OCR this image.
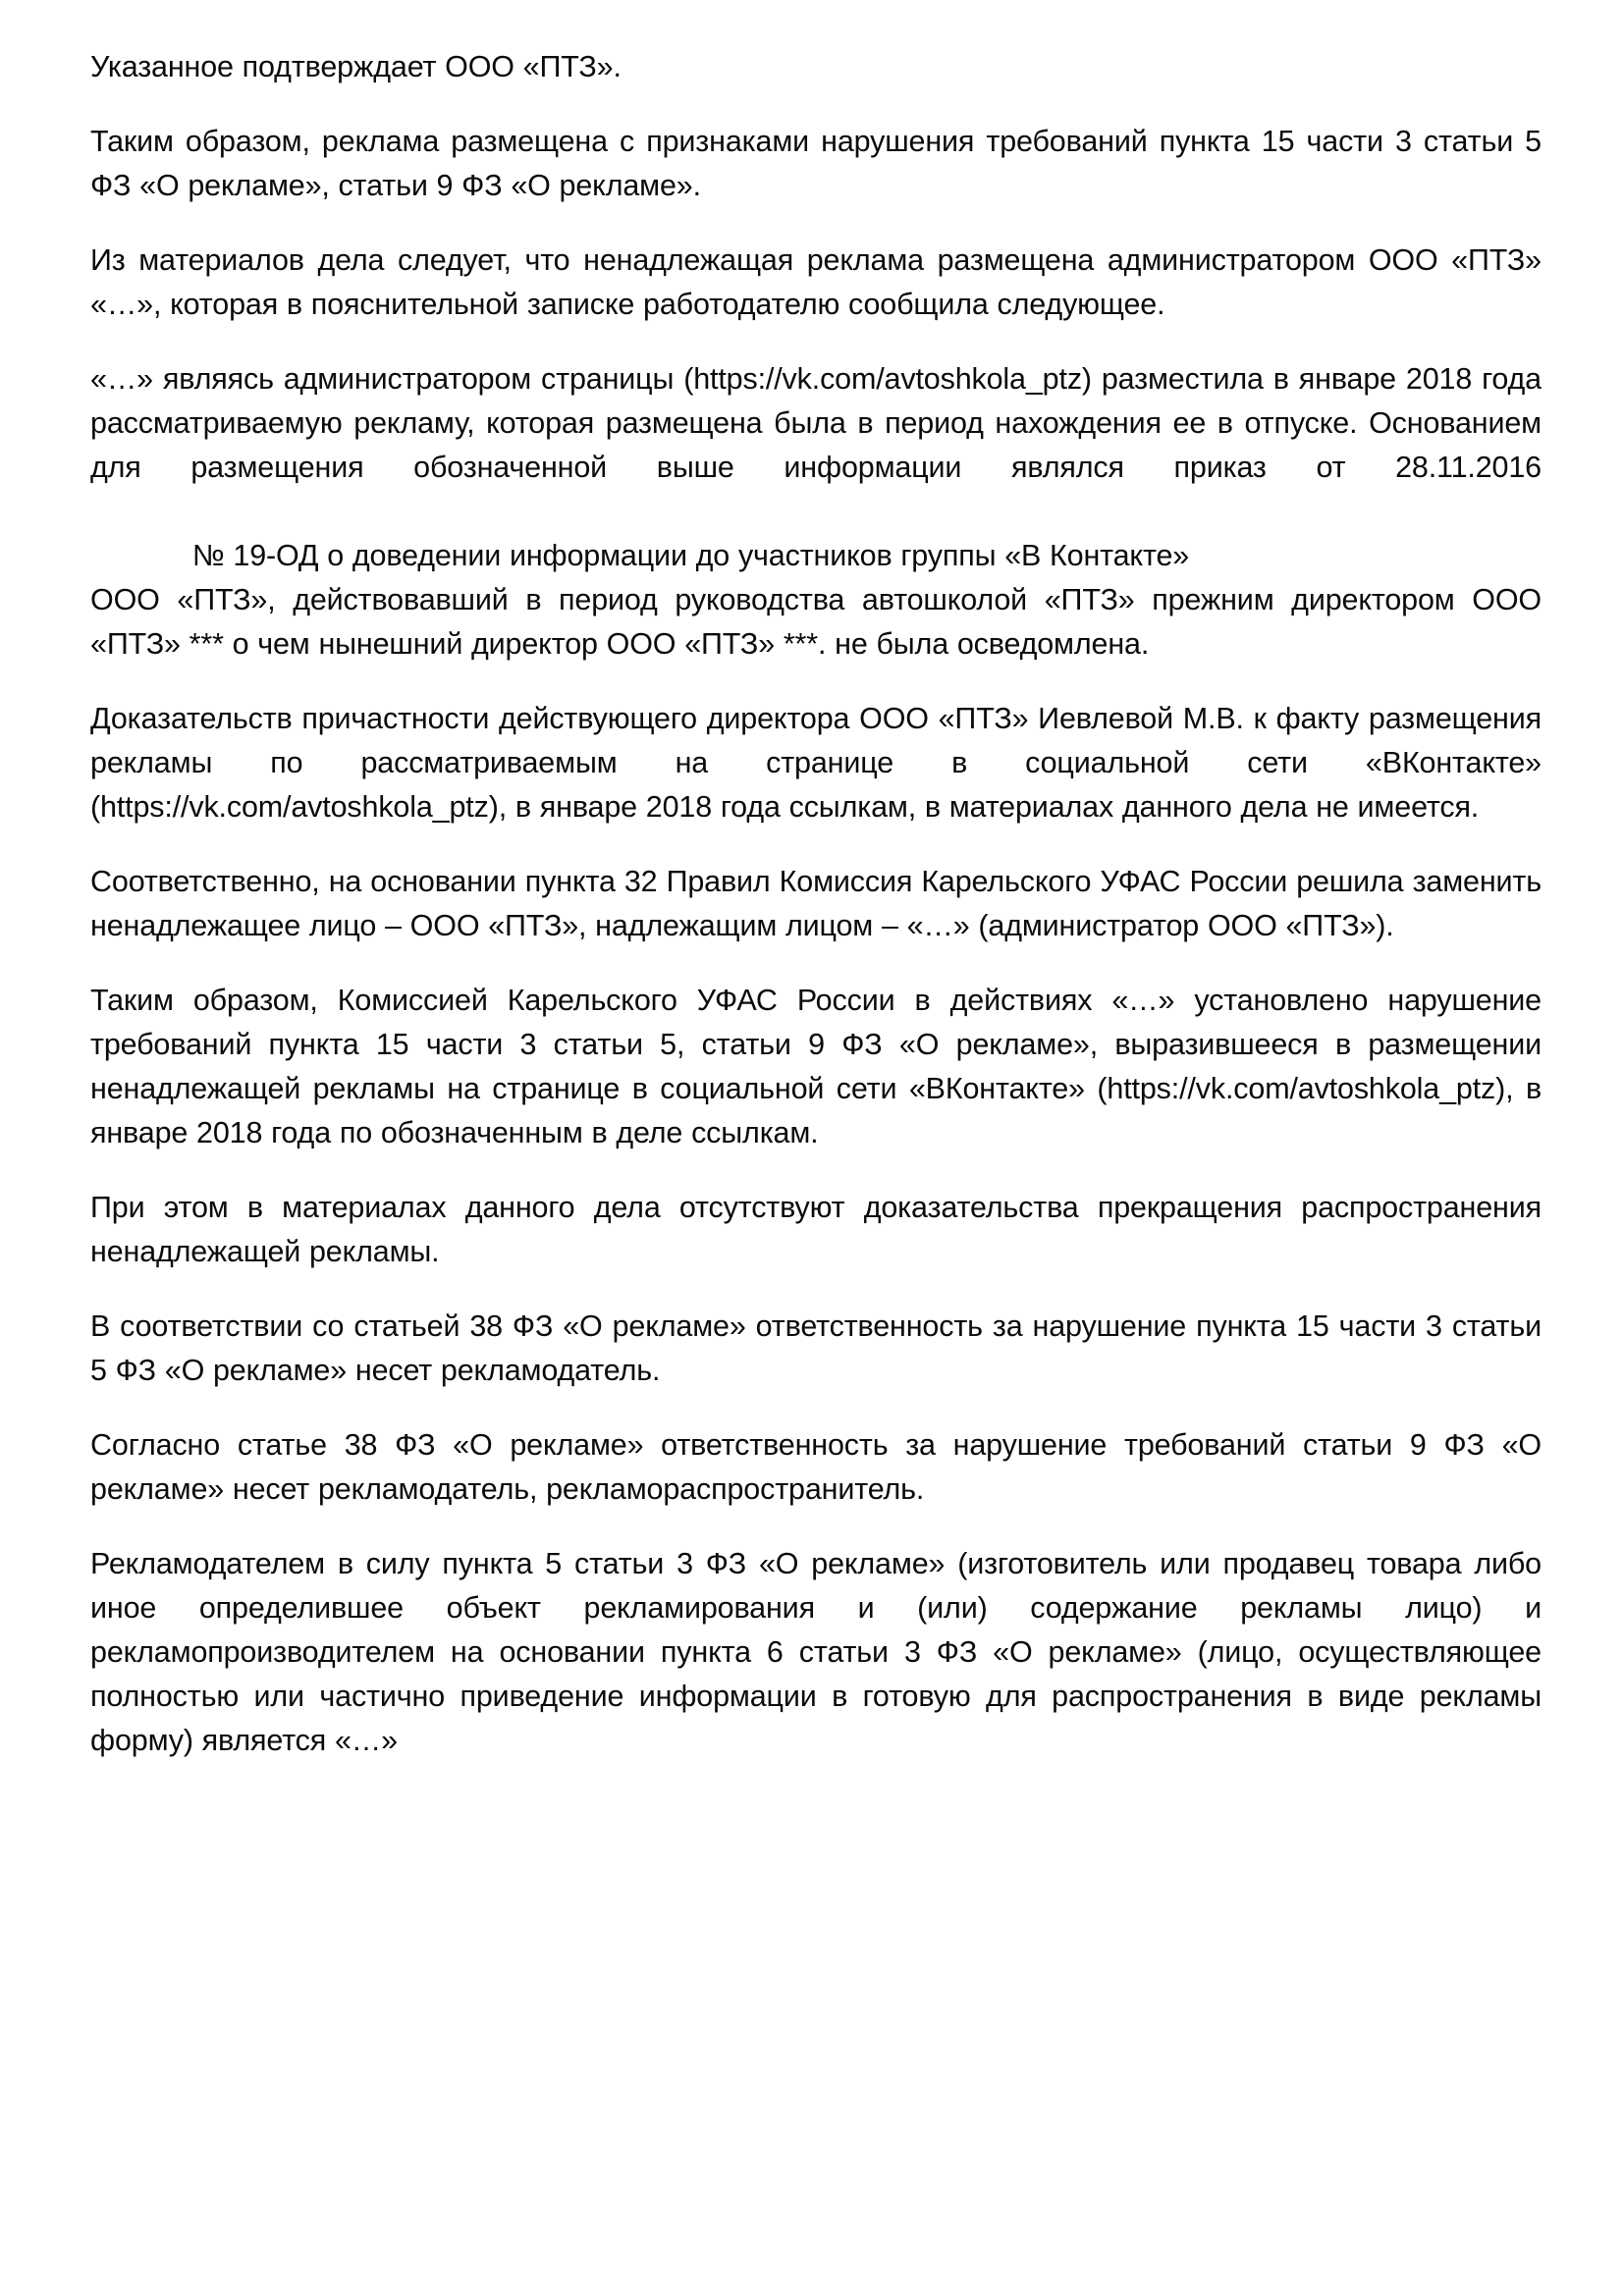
Указанное подтверждает ООО «ПТЗ».

Таким образом, реклама размещена с признаками нарушения требований пункта 15 части 3 статьи 5 ФЗ «О рекламе», статьи 9 ФЗ «О рекламе».

Из материалов дела следует, что ненадлежащая реклама размещена администратором ООО «ПТЗ» «…», которая в пояснительной записке работодателю сообщила следующее.

«…» являясь администратором страницы (https://vk.com/avtoshkola_ptz) разместила в январе 2018 года рассматриваемую рекламу, которая размещена была в период нахождения ее в отпуске. Основанием для размещения обозначенной выше информации являлся приказ от 28.11.2016

№ 19-ОД о доведении информации до участников группы «В Контакте»

ООО «ПТЗ», действовавший в период руководства автошколой «ПТЗ» прежним директором ООО «ПТЗ» *** о чем нынешний директор ООО «ПТЗ» ***. не была осведомлена.

Доказательств причастности действующего директора ООО «ПТЗ» Иевлевой М.В. к факту размещения рекламы по рассматриваемым на странице в социальной сети «ВКонтакте» (https://vk.com/avtoshkola_ptz), в январе 2018 года ссылкам, в материалах данного дела не имеется.

Соответственно, на основании пункта 32 Правил Комиссия Карельского УФАС России решила заменить ненадлежащее лицо – ООО «ПТЗ», надлежащим лицом – «…» (администратор ООО «ПТЗ»).

Таким образом, Комиссией Карельского УФАС России в действиях «…» установлено нарушение требований пункта 15 части 3 статьи 5, статьи 9 ФЗ «О рекламе», выразившееся в размещении ненадлежащей рекламы на странице в социальной сети «ВКонтакте» (https://vk.com/avtoshkola_ptz), в январе 2018 года по обозначенным в деле ссылкам.

При этом в материалах данного дела отсутствуют доказательства прекращения распространения ненадлежащей рекламы.

В соответствии со статьей 38 ФЗ «О рекламе» ответственность за нарушение пункта 15 части 3 статьи 5 ФЗ «О рекламе» несет рекламодатель.

Согласно статье 38 ФЗ «О рекламе» ответственность за нарушение требований статьи 9 ФЗ «О рекламе» несет рекламодатель, рекламораспространитель.

Рекламодателем в силу пункта 5 статьи 3 ФЗ «О рекламе» (изготовитель или продавец товара либо иное определившее объект рекламирования и (или) содержание рекламы лицо) и рекламопроизводителем на основании пункта 6 статьи 3 ФЗ «О рекламе» (лицо, осуществляющее полностью или частично приведение информации в готовую для распространения в виде рекламы форму) является «…»
